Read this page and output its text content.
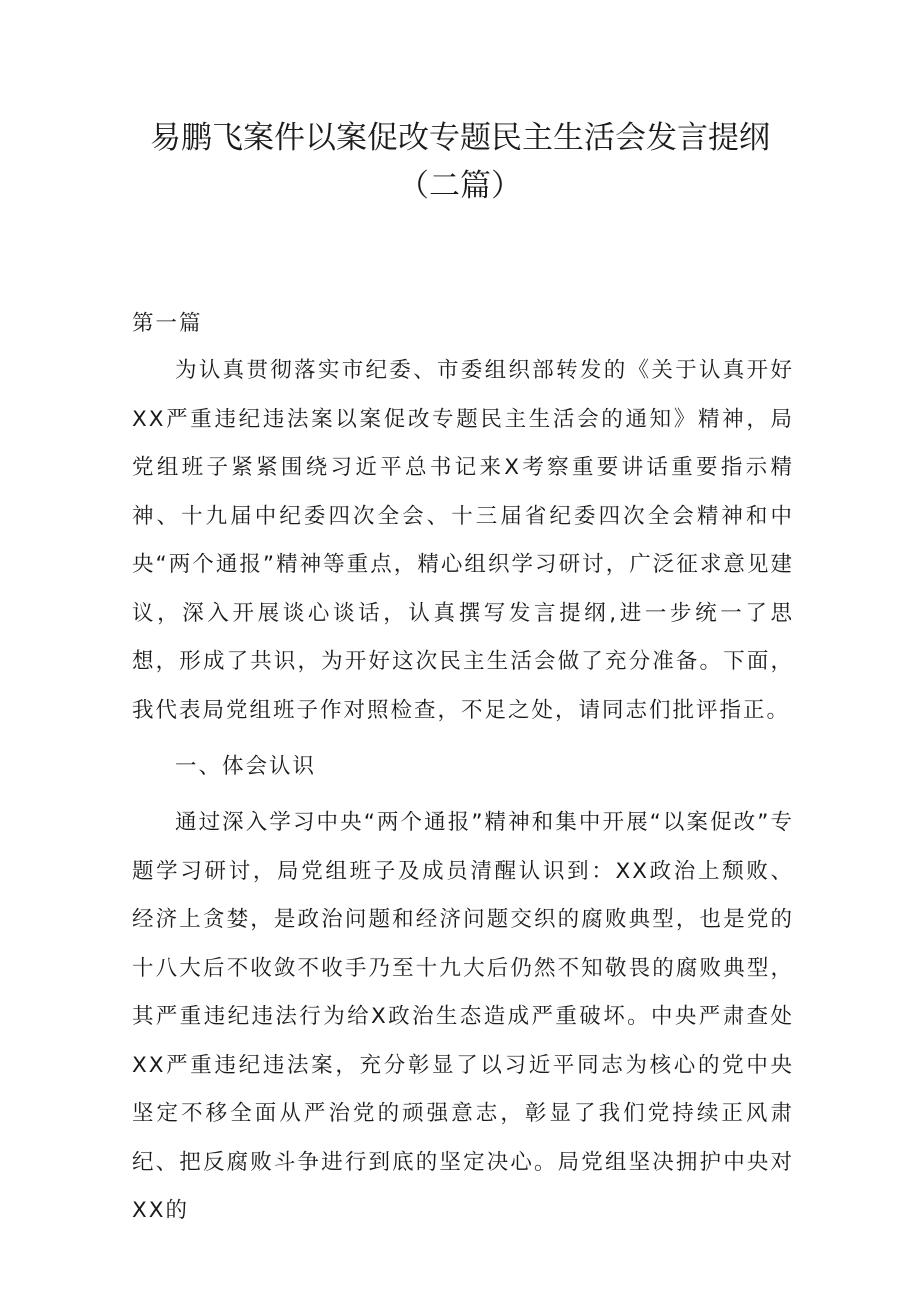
易鹏飞案件以案促改专题民主生活会发言提纲
（二篇）
第一篇

为认真贯彻落实市纪委、市委组织部转发的《关于认真开好XX严重违纪违法案以案促改专题民主生活会的通知》精神，局党组班子紧紧围绕习近平总书记来X考察重要讲话重要指示精神、十九届中纪委四次全会、十三届省纪委四次全会精神和中央“两个通报”精神等重点，精心组织学习研讨，广泛征求意见建议，深入开展谈心谈话，认真撰写发言提纲,进一步统一了思想，形成了共识，为开好这次民主生活会做了充分准备。下面，我代表局党组班子作对照检查，不足之处，请同志们批评指正。

一、体会认识

通过深入学习中央“两个通报”精神和集中开展“以案促改”专题学习研讨，局党组班子及成员清醒认识到：XX政治上颓败、经济上贪婪，是政治问题和经济问题交织的腐败典型，也是党的十八大后不收敛不收手乃至十九大后仍然不知敬畏的腐败典型，其严重违纪违法行为给X政治生态造成严重破坏。中央严肃查处XX严重违纪违法案，充分彰显了以习近平同志为核心的党中央坚定不移全面从严治党的顽强意志，彰显了我们党持续正风肃纪、把反腐败斗争进行到底的坚定决心。局党组坚决拥护中央对XX的
